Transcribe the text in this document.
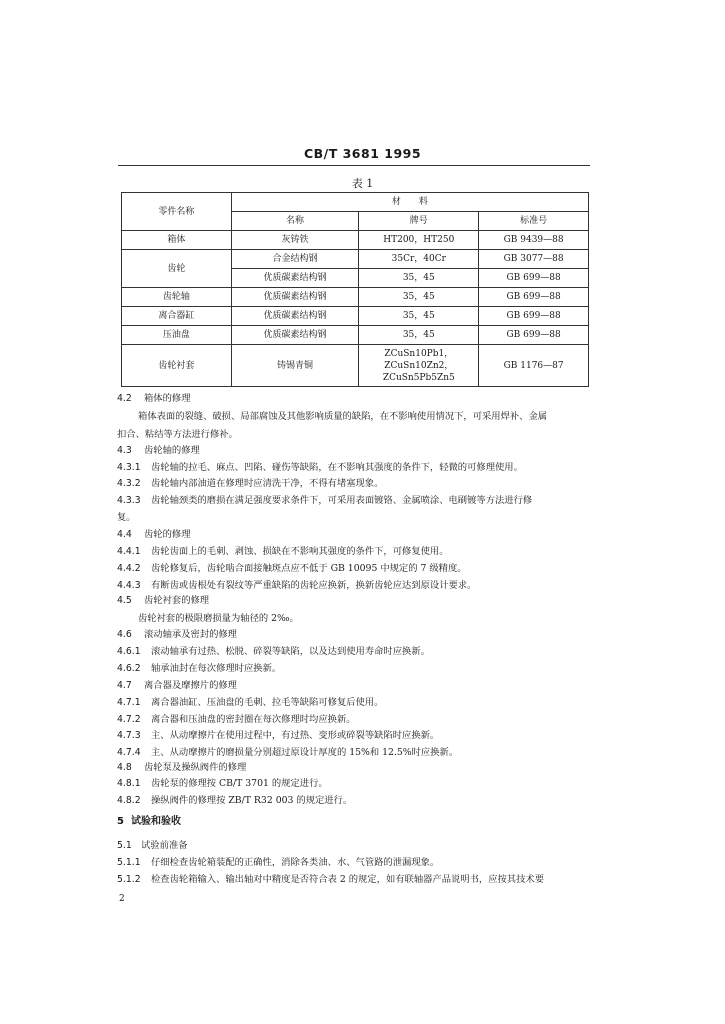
CB/T 3681 1995
表 1
零件名称	材　　料		
	名称	牌号	标准号
箱体	灰铸铁	HT200，HT250	GB 9439—88
齿轮	合金结构钢	35Cr，40Cr	GB 3077—88
	优质碳素结构钢	35，45	GB 699—88
齿轮轴	优质碳素结构钢	35，45	GB 699—88
离合器缸	优质碳素结构钢	35，45	GB 699—88
压油盘	优质碳素结构钢	35，45	GB 699—88
齿轮衬套	铸锡青铜	ZCuSn10Pb1，
ZCuSn10Zn2，
ZCuSn5Pb5Zn5	GB 1176—87
4.2 箱体的修理
箱体表面的裂缝、破损、局部腐蚀及其他影响质量的缺陷，在不影响使用情况下，可采用焊补、金属
扣合、粘结等方法进行修补。
4.3 齿轮轴的修理
4.3.1 齿轮轴的拉毛、麻点、凹陷、碰伤等缺陷，在不影响其强度的条件下，轻微的可修理使用。
4.3.2 齿轮轴内部油道在修理时应清洗干净，不得有堵塞现象。
4.3.3 齿轮轴颈类的磨损在满足强度要求条件下，可采用表面镀铬、金属喷涂、电刷镀等方法进行修
复。
4.4 齿轮的修理
4.4.1 齿轮齿面上的毛刺、剥蚀、损缺在不影响其强度的条件下，可修复使用。
4.4.2 齿轮修复后，齿轮啮合面接触斑点应不低于 GB 10095 中规定的 7 级精度。
4.4.3 有断齿或齿根处有裂纹等严重缺陷的齿轮应换新，换新齿轮应达到原设计要求。
4.5 齿轮衬套的修理
齿轮衬套的极限磨损量为轴径的 2‰。
4.6 滚动轴承及密封的修理
4.6.1 滚动轴承有过热、松脱、碎裂等缺陷，以及达到使用寿命时应换新。
4.6.2 轴承油封在每次修理时应换新。
4.7 离合器及摩擦片的修理
4.7.1 离合器油缸、压油盘的毛刺、拉毛等缺陷可修复后使用。
4.7.2 离合器和压油盘的密封圈在每次修理时均应换新。
4.7.3 主、从动摩擦片在使用过程中，有过热、变形或碎裂等缺陷时应换新。
4.7.4 主、从动摩擦片的磨损量分别超过原设计厚度的 15%和 12.5%时应换新。
4.8 齿轮泵及操纵阀件的修理
4.8.1 齿轮泵的修理按 CB/T 3701 的规定进行。
4.8.2 操纵阀件的修理按 ZB/T R32 003 的规定进行。
5 试验和验收
5.1 试验前准备
5.1.1 仔细检查齿轮箱装配的正确性，消除各类油、水、气管路的泄漏现象。
5.1.2 检查齿轮箱输入、输出轴对中精度是否符合表 2 的规定，如有联轴器产品说明书，应按其技术要
2
